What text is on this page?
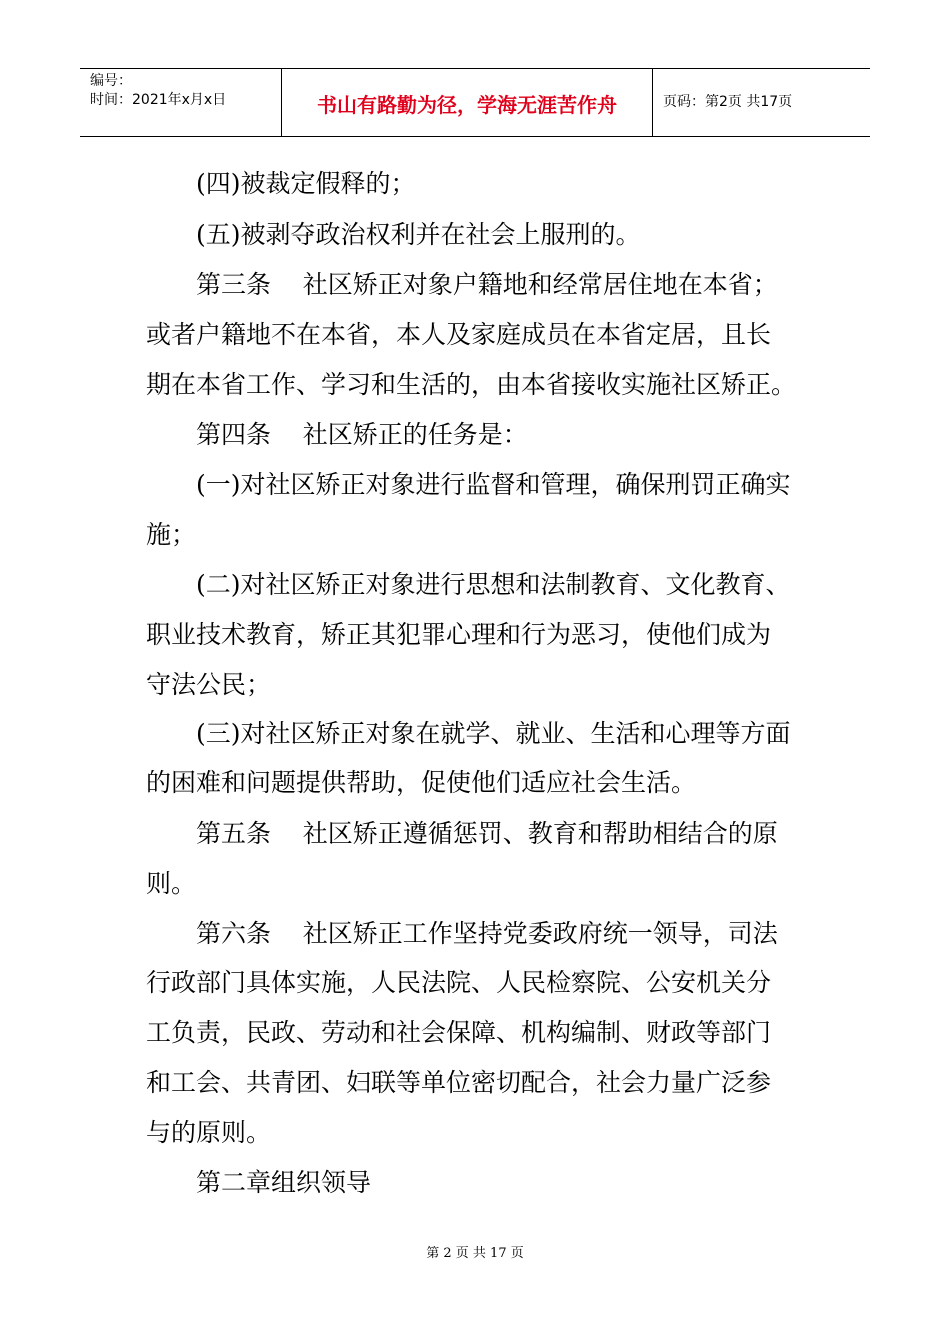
编号：
时间：2021年x月x日	书山有路勤为径，学海无涯苦作舟	页码：第2页 共17页
(四)被裁定假释的；
(五)被剥夺政治权利并在社会上服刑的。
第三条    社区矫正对象户籍地和经常居住地在本省；
或者户籍地不在本省，本人及家庭成员在本省定居，且长
期在本省工作、学习和生活的，由本省接收实施社区矫正。
第四条    社区矫正的任务是：
(一)对社区矫正对象进行监督和管理，确保刑罚正确实
施；
(二)对社区矫正对象进行思想和法制教育、文化教育、
职业技术教育，矫正其犯罪心理和行为恶习，使他们成为
守法公民；
(三)对社区矫正对象在就学、就业、生活和心理等方面
的困难和问题提供帮助，促使他们适应社会生活。
第五条    社区矫正遵循惩罚、教育和帮助相结合的原
则。
第六条    社区矫正工作坚持党委政府统一领导，司法
行政部门具体实施，人民法院、人民检察院、公安机关分
工负责，民政、劳动和社会保障、机构编制、财政等部门
和工会、共青团、妇联等单位密切配合，社会力量广泛参
与的原则。
第二章组织领导
第 2 页 共 17 页
